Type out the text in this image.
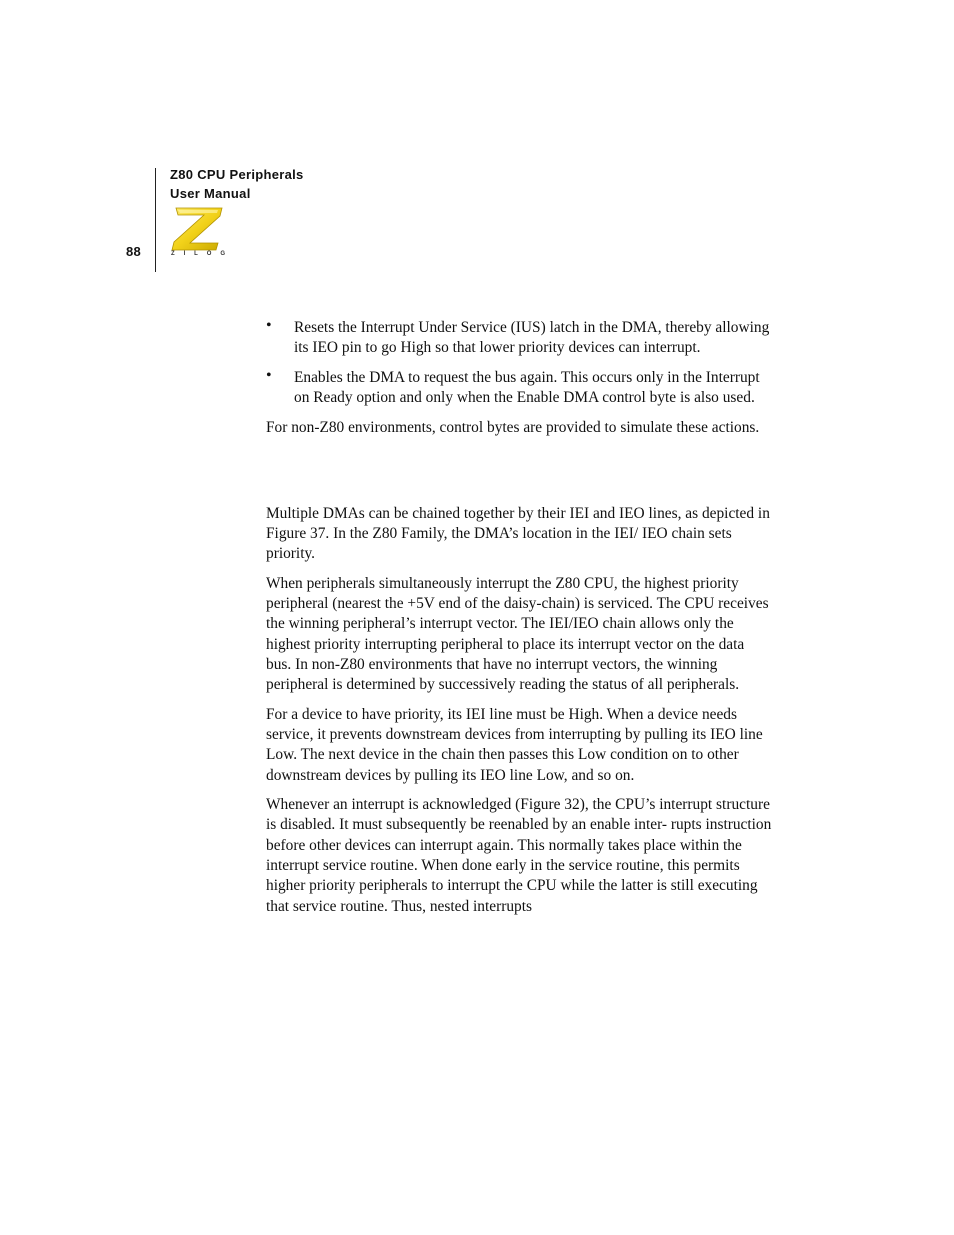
88
Z80 CPU Peripherals
User Manual
Z I L O G
• Resets the Interrupt Under Service (IUS) latch in the DMA, thereby allowing its IEO pin to go High so that lower priority devices can interrupt.
• Enables the DMA to request the bus again. This occurs only in the Interrupt on Ready option and only when the Enable DMA control byte is also used.

For non-Z80 environments, control bytes are provided to simulate these actions.

Multiple DMAs can be chained together by their IEI and IEO lines, as depicted in Figure 37. In the Z80 Family, the DMA’s location in the IEI/ IEO chain sets priority.

When peripherals simultaneously interrupt the Z80 CPU, the highest priority peripheral (nearest the +5V end of the daisy-chain) is serviced. The CPU receives the winning peripheral’s interrupt vector. The IEI/IEO chain allows only the highest priority interrupting peripheral to place its interrupt vector on the data bus. In non-Z80 environments that have no interrupt vectors, the winning peripheral is determined by successively reading the status of all peripherals.

For a device to have priority, its IEI line must be High. When a device needs service, it prevents downstream devices from interrupting by pulling its IEO line Low. The next device in the chain then passes this Low condition on to other downstream devices by pulling its IEO line Low, and so on.

Whenever an interrupt is acknowledged (Figure 32), the CPU’s interrupt structure is disabled. It must subsequently be reenabled by an enable inter- rupts instruction before other devices can interrupt again. This normally takes place within the interrupt service routine. When done early in the service routine, this permits higher priority peripherals to interrupt the CPU while the latter is still executing that service routine. Thus, nested interrupts
